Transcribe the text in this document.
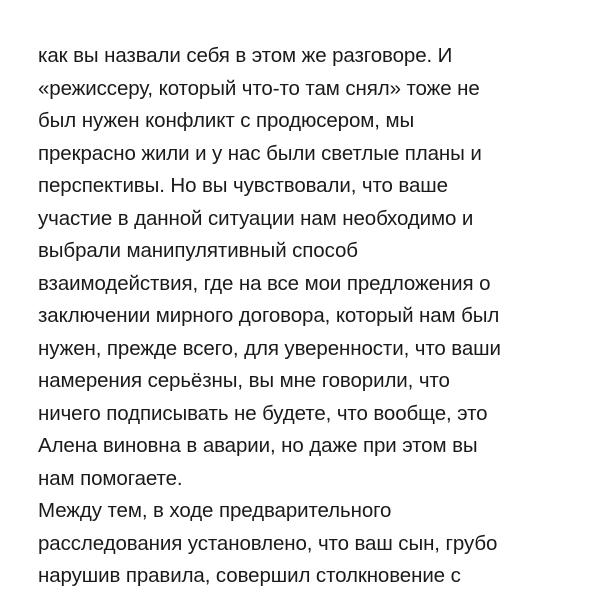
как вы назвали себя в этом же разговоре. И
«режиссеру, который что-то там снял» тоже не
был нужен конфликт с продюсером, мы
прекрасно жили и у нас были светлые планы и
перспективы. Но вы чувствовали, что ваше
участие в данной ситуации нам необходимо и
выбрали манипулятивный способ
взаимодействия, где на все мои предложения о
заключении мирного договора, который нам был
нужен, прежде всего, для уверенности, что ваши
намерения серьёзны, вы мне говорили, что
ничего подписывать не будете, что вообще, это
Алена виновна в аварии, но даже при этом вы
нам помогаете.
Между тем, в ходе предварительного
расследования установлено, что ваш сын, грубо
нарушив правила, совершил столкновение с
